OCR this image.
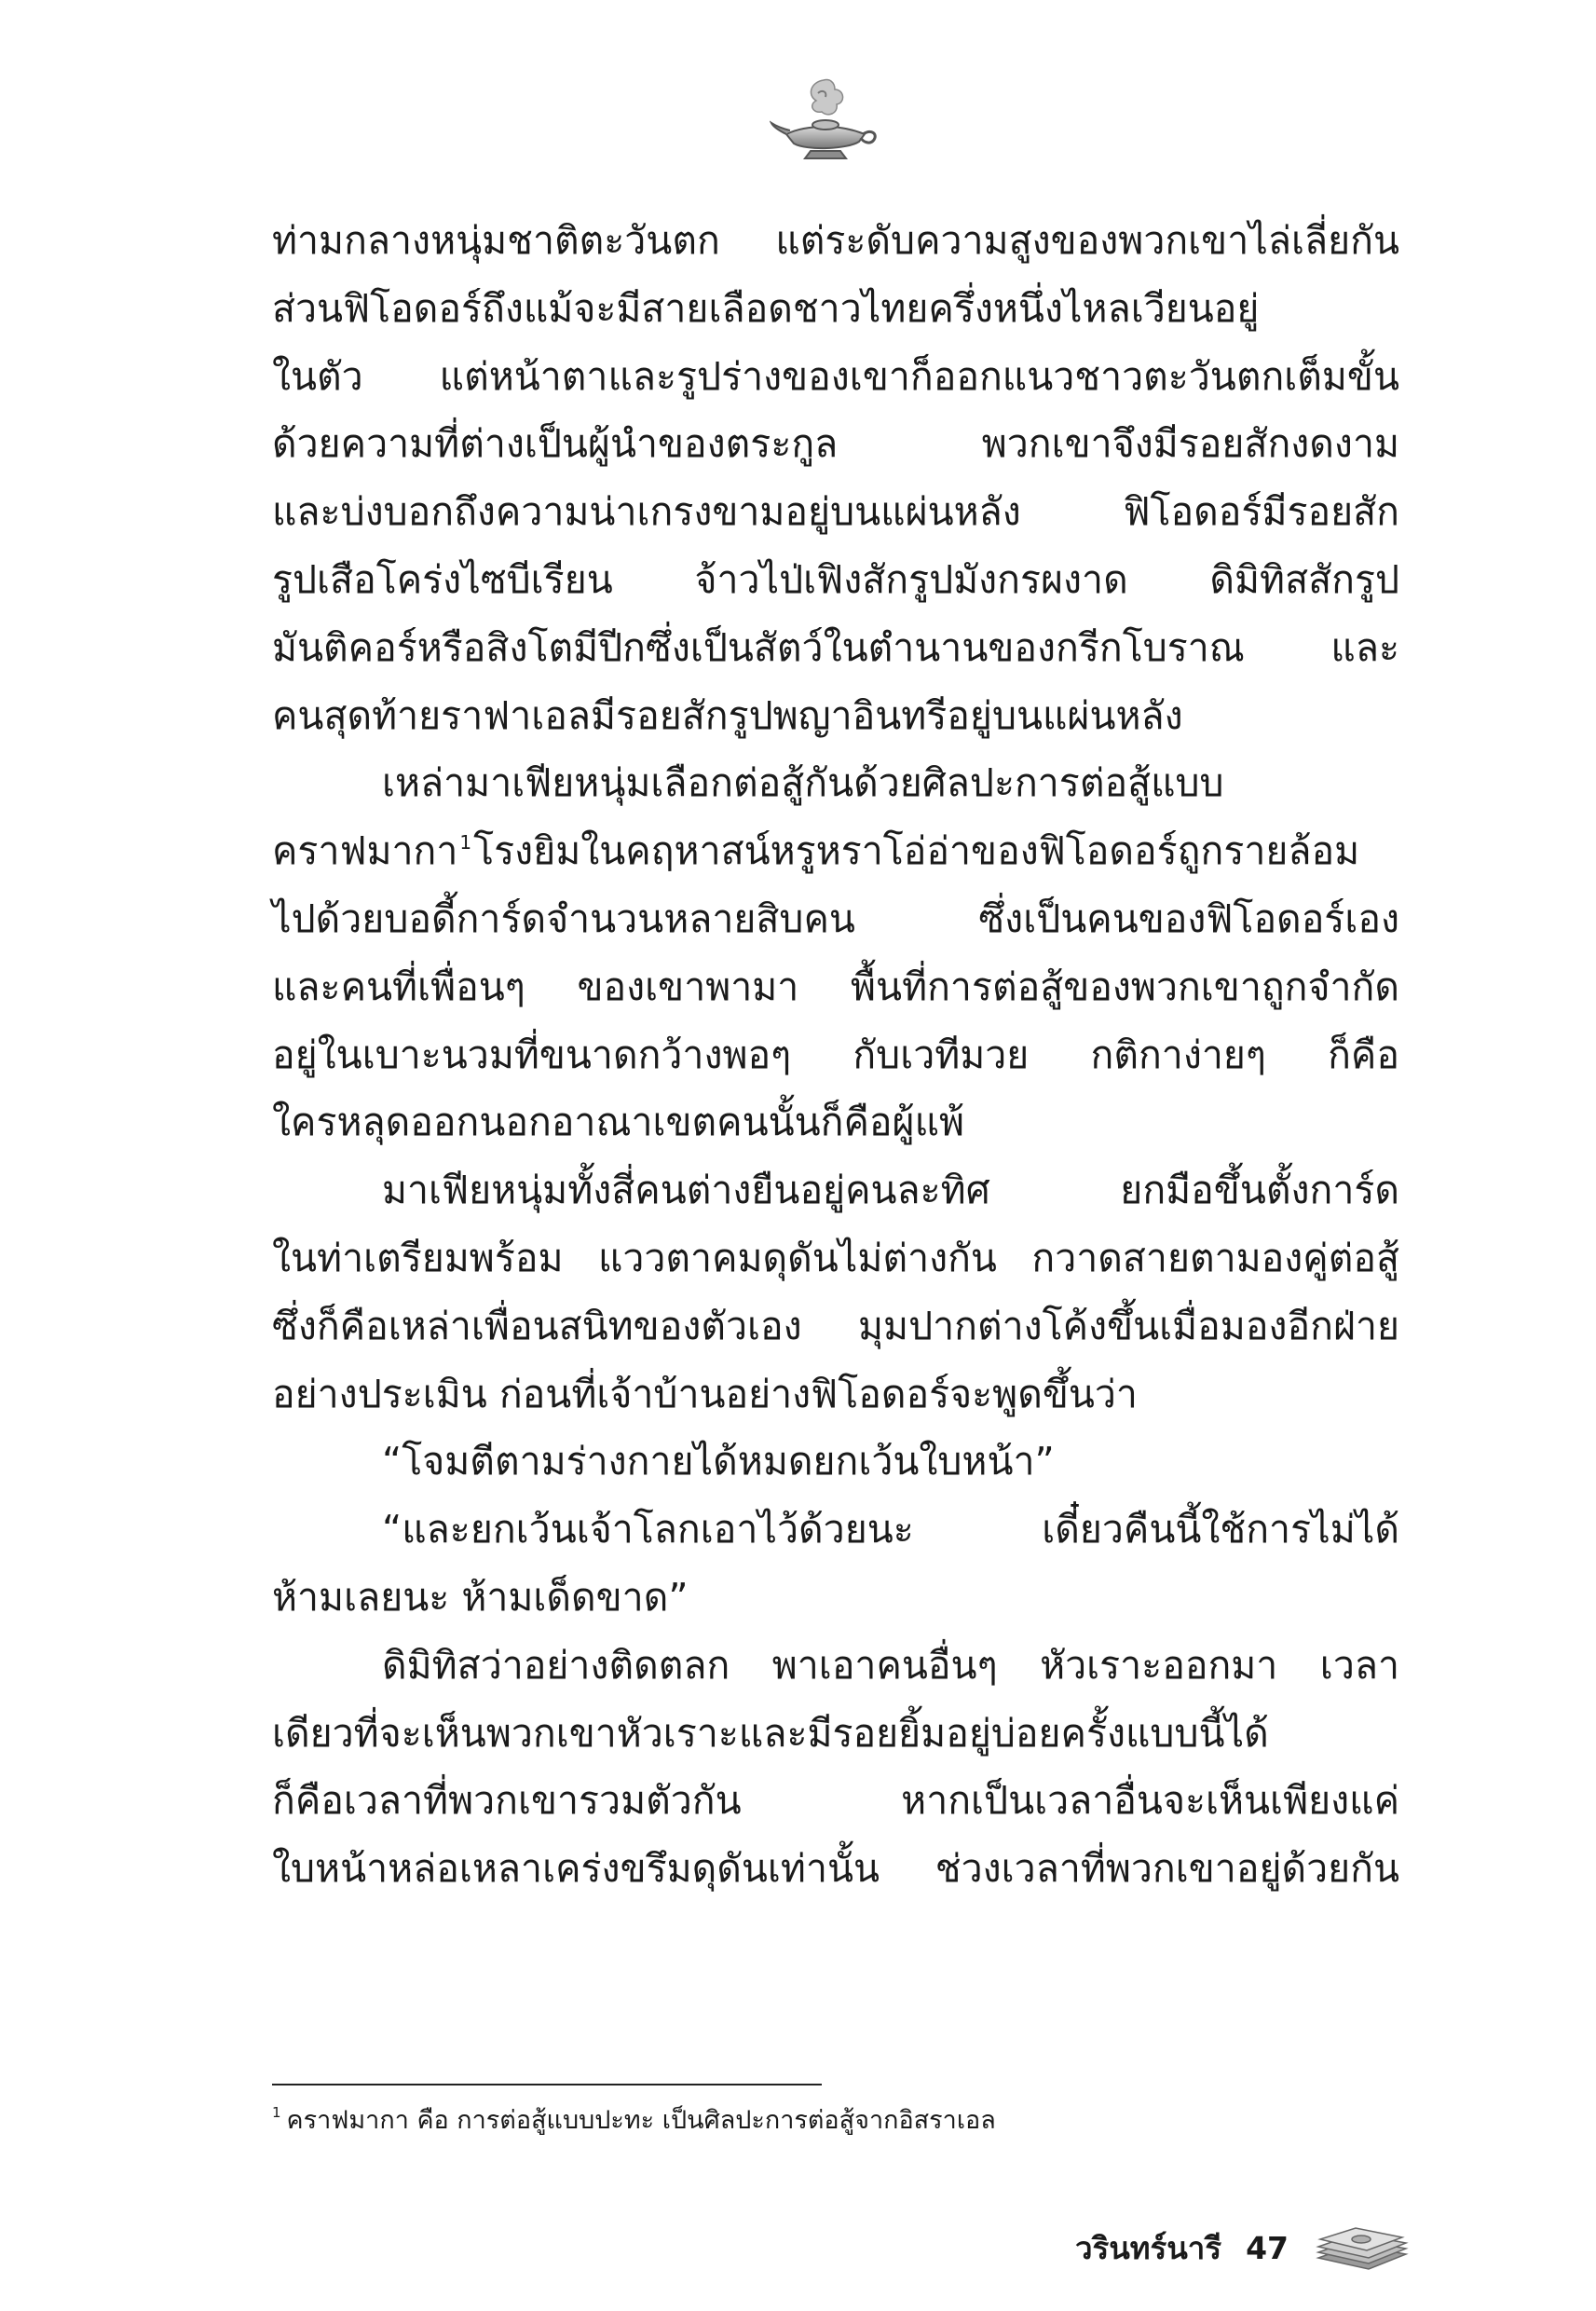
ท่ามกลางหนุ่มชาติตะวันตก แต่ระดับความสูงของพวกเขาไล่เลี่ยกัน
ส่วนฟิโอดอร์ถึงแม้จะมีสายเลือดชาวไทยครึ่งหนึ่งไหลเวียนอยู่
ในตัว แต่หน้าตาและรูปร่างของเขาก็ออกแนวชาวตะวันตกเต็มขั้น
ด้วยความที่ต่างเป็นผู้นำของตระกูล พวกเขาจึงมีรอยสักงดงาม
และบ่งบอกถึงความน่าเกรงขามอยู่บนแผ่นหลัง ฟิโอดอร์มีรอยสัก
รูปเสือโคร่งไซบีเรียน จ้าวไป่เฟิงสักรูปมังกรผงาด ดิมิทิสสักรูป
มันติคอร์หรือสิงโตมีปีกซึ่งเป็นสัตว์ในตำนานของกรีกโบราณ และ
คนสุดท้ายราฟาเอลมีรอยสักรูปพญาอินทรีอยู่บนแผ่นหลัง
เหล่ามาเฟียหนุ่มเลือกต่อสู้กันด้วยศิลปะการต่อสู้แบบ
คราฟมากา $^1$โรงยิมในคฤหาสน์หรูหราโอ่อ่าของฟิโอดอร์ถูกรายล้อม
ไปด้วยบอดี้การ์ดจำนวนหลายสิบคน ซึ่งเป็นคนของฟิโอดอร์เอง
และคนที่เพื่อนๆ ของเขาพามา พื้นที่การต่อสู้ของพวกเขาถูกจำกัด
อยู่ในเบาะนวมที่ขนาดกว้างพอๆ กับเวทีมวย กติกาง่ายๆ ก็คือ
ใครหลุดออกนอกอาณาเขตคนนั้นก็คือผู้แพ้
มาเฟียหนุ่มทั้งสี่คนต่างยืนอยู่คนละทิศ ยกมือขึ้นตั้งการ์ด
ในท่าเตรียมพร้อม แววตาคมดุดันไม่ต่างกัน กวาดสายตามองคู่ต่อสู้
ซึ่งก็คือเหล่าเพื่อนสนิทของตัวเอง มุมปากต่างโค้งขึ้นเมื่อมองอีกฝ่าย
อย่างประเมิน ก่อนที่เจ้าบ้านอย่างฟิโอดอร์จะพูดขึ้นว่า
“โจมตีตามร่างกายได้หมดยกเว้นใบหน้า”
“และยกเว้นเจ้าโลกเอาไว้ด้วยนะ เดี๋ยวคืนนี้ใช้การไม่ได้
ห้ามเลยนะ ห้ามเด็ดขาด”
ดิมิทิสว่าอย่างติดตลก พาเอาคนอื่นๆ หัวเราะออกมา เวลา
เดียวที่จะเห็นพวกเขาหัวเราะและมีรอยยิ้มอยู่บ่อยครั้งแบบนี้ได้
ก็คือเวลาที่พวกเขารวมตัวกัน หากเป็นเวลาอื่นจะเห็นเพียงแค่
ใบหน้าหล่อเหลาเคร่งขรึมดุดันเท่านั้น ช่วงเวลาที่พวกเขาอยู่ด้วยกัน
$^1$ คราฟมากา คือ การต่อสู้แบบปะทะ เป็นศิลปะการต่อสู้จากอิสราเอล
วรินทร์นารี 47
